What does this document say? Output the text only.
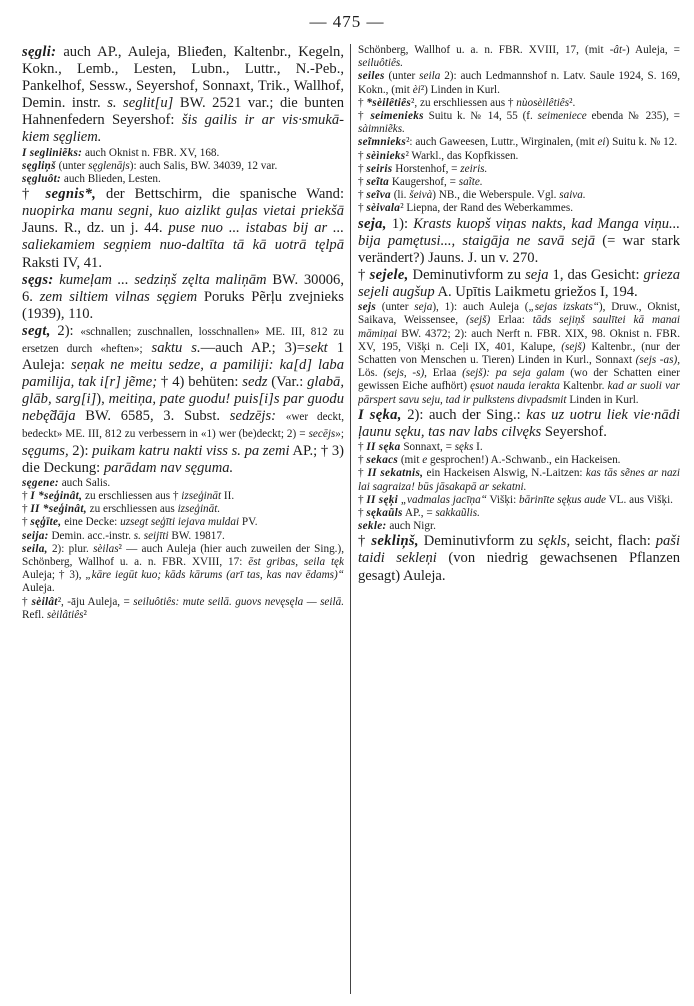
— 475 —

sęgli: auch AP., Auleja, Blieđen, Kaltenbr., Kegeln, Kokn., Lemb., Lesten, Lubn., Luttr., N.-Peb., Pankelhof, Sessw., Seyershof, Sonnaxt, Trik., Wallhof, Demin. instr. s. seglit[u] BW. 2521 var.; die bunten Hahnenfedern Seyershof: šis gailis ir ar vis·smukā-kiem sęgliem.

I segliniẽks: auch Oknist n. FBR. XV, 168.

sęgliņš (unter sęglenājs): auch Salis, BW. 34039, 12 var.

sęgluôt: auch Blieden, Lesten.

† segnis*, der Bettschirm, die spanische Wand: nuopirka manu segni, kuo aizlikt guļas vietai priekšā Jauns. R., dz. un j. 44. puse nuo ... istabas bij ar ... saliekamiem segņiem nuo-daltīta tā kā uotrā tęlpā Raksti IV, 41.

sęgs: kumeļam ... sedziņš zęlta maliņām BW. 30006, 6. zem siltiem vilnas sęgiem Poruks Pẽrļu zvejnieks (1939), 110.

segt, 2): «schnallen; zuschnallen, losschnallen» ME. III, 812 zu ersetzen durch «heften»; saktu s.—auch AP.; 3)=sekt 1 Auleja: seņak ne meitu sedze, a pamiliji: ka[d] laba pamilija, tak i[r] jẽme; † 4) behüten: sedz (Var.: glabā, glāb, sarg[i]), meitiņa, pate guodu! puis[i]s par guodu nebę̃dāja BW. 6585, 3. Subst. sedzējs: «wer deckt, bedeckt» ME. III, 812 zu verbessern in «1) wer (be)deckt; 2) = secējs»; sęgums, 2): puikam katru nakti viss s. pa zemi AP.; † 3) die Deckung: parādam nav sęguma.

sęgene: auch Salis.

† I *seģinât, zu erschliessen aus † izseģināt II.

† II *seģinât, zu erschliessen aus izseģināt.

† sęģīte, eine Decke: uzsegt seģīti iejava muldai PV.

seija: Demin. acc.-instr. s. seijīti BW. 19817.

seila, 2): plur. sèilas² — auch Auleja (hier auch zuweilen der Sing.), Schönberg, Wallhof u. a. n. FBR. XVIII, 17: ēst gribas, seila tęk Auleja; † 3), „kāre iegūt kuo; kāds kārums (arī tas, kas nav ēdams)“ Auleja.

† sèilât², -āju Auleja, = seiluôtiês: mute seilā. guovs nevęsęla — seilā. Refl. sèilâtiês²

Schönberg, Wallhof u. a. n. FBR. XVIII, 17, (mit -ât-) Auleja, = seiluôtiês.

seiles (unter seila 2): auch Ledmannshof n. Latv. Saule 1924, S. 169, Kokn., (mit èi²) Linden in Kurl.

† *sèilêtiês², zu erschliessen aus † nùosèilêtiês².

† seimenieks Suitu k. № 14, 55 (f. seimeniece ebenda № 235), = sàimniẽks.

seĩmnieks²: auch Gaweesen, Luttr., Wirginalen, (mit ei) Suitu k. № 12.

† sèìnieks² Warkl., das Kopfkissen.

† seiris Horstenhof, = zeiris.

† seĩta Kaugershof, = saĩte.

† seĩva (li. šeivà) NB., die Weberspule. Vgl. saiva.

† sèivala² Liepna, der Rand des Weberkammes.

seja, 1): Krasts kuopš viņas nakts, kad Manga viņu... bija pamętusi..., staigāja ne savā sejā (= war stark verändert?) Jauns. J. un v. 270.

† sejele, Deminutivform zu seja 1, das Gesicht: grieza sejeli augšup A. Upītis Laikmetu griežos I, 194.

sejs (unter seja), 1): auch Auleja („sejas izskats“), Druw., Oknist, Saikava, Weissensee, (sejš) Erlaa: tāds sejiņš saulītei kā manai māmiņai BW. 4372; 2): auch Nerft n. FBR. XIX, 98. Oknist n. FBR. XV, 195, Višķi n. Ceļi IX, 401, Kalupe, (sejš) Kaltenbr., (nur der Schatten von Menschen u. Tieren) Linden in Kurl., Sonnaxt (sejs -as), Lös. (sejs, -s), Erlaa (sejš): pa seja galam (wo der Schatten einer gewissen Eiche aufhört) ęsuot nauda ierakta Kaltenbr. kad ar suoli var pārspert savu seju, tad ir pulkstens divpadsmit Linden in Kurl.

I sęka, 2): auch der Sing.: kas uz uotru liek vie·nādi ļaunu sęku, tas nav labs cilvęks Seyershof.

† II sęka Sonnaxt, = sęks I.

† sekacs (mit e gesprochen!) A.-Schwanb., ein Hackeisen.

† II sekatnis, ein Hackeisen Alswig, N.-Laitzen: kas tās sẽnes ar nazi lai sagraiza! būs jāsakapā ar sekatni.

† II sęķi „vadmalas jacīņa“ Višķi: bārinīte sęķus aude VL. aus Višķi.

† sękaũls AP., = sakkaũlis.

sekle: auch Nigr.

† sekliņš, Deminutivform zu sękls, seicht, flach: paši taidi sekleņi (von niedrig gewachsenen Pflanzen gesagt) Auleja.
